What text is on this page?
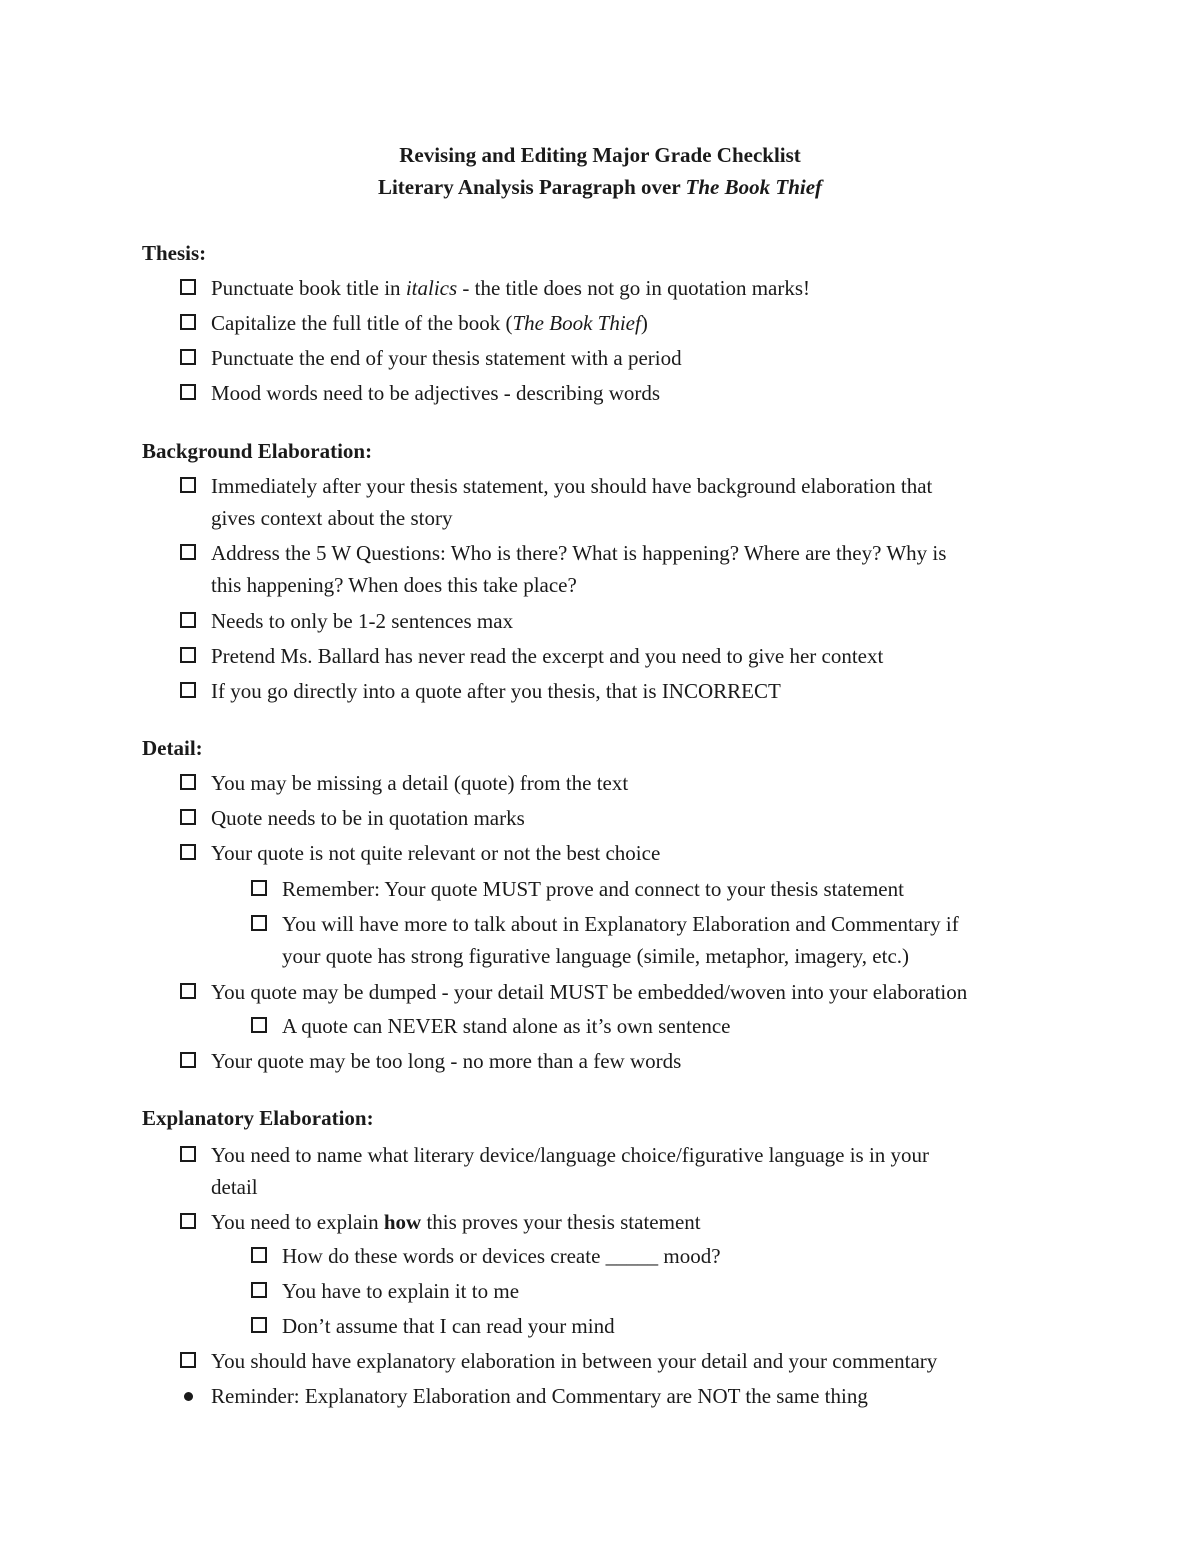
Revising and Editing Major Grade Checklist
Literary Analysis Paragraph over The Book Thief
Thesis:
Punctuate book title in italics - the title does not go in quotation marks!
Capitalize the full title of the book (The Book Thief)
Punctuate the end of your thesis statement with a period
Mood words need to be adjectives - describing words
Background Elaboration:
Immediately after your thesis statement, you should have background elaboration that
gives context about the story
Address the 5 W Questions: Who is there? What is happening? Where are they? Why is
this happening? When does this take place?
Needs to only be 1-2 sentences max
Pretend Ms. Ballard has never read the excerpt and you need to give her context
If you go directly into a quote after you thesis, that is INCORRECT
Detail:
You may be missing a detail (quote) from the text
Quote needs to be in quotation marks
Your quote is not quite relevant or not the best choice
Remember: Your quote MUST prove and connect to your thesis statement
You will have more to talk about in Explanatory Elaboration and Commentary if
your quote has strong figurative language (simile, metaphor, imagery, etc.)
You quote may be dumped - your detail MUST be embedded/woven into your elaboration
A quote can NEVER stand alone as it’s own sentence
Your quote may be too long - no more than a few words
Explanatory Elaboration:
You need to name what literary device/language choice/figurative language is in your
detail
You need to explain how this proves your thesis statement
How do these words or devices create _____ mood?
You have to explain it to me
Don’t assume that I can read your mind
You should have explanatory elaboration in between your detail and your commentary
Reminder: Explanatory Elaboration and Commentary are NOT the same thing
